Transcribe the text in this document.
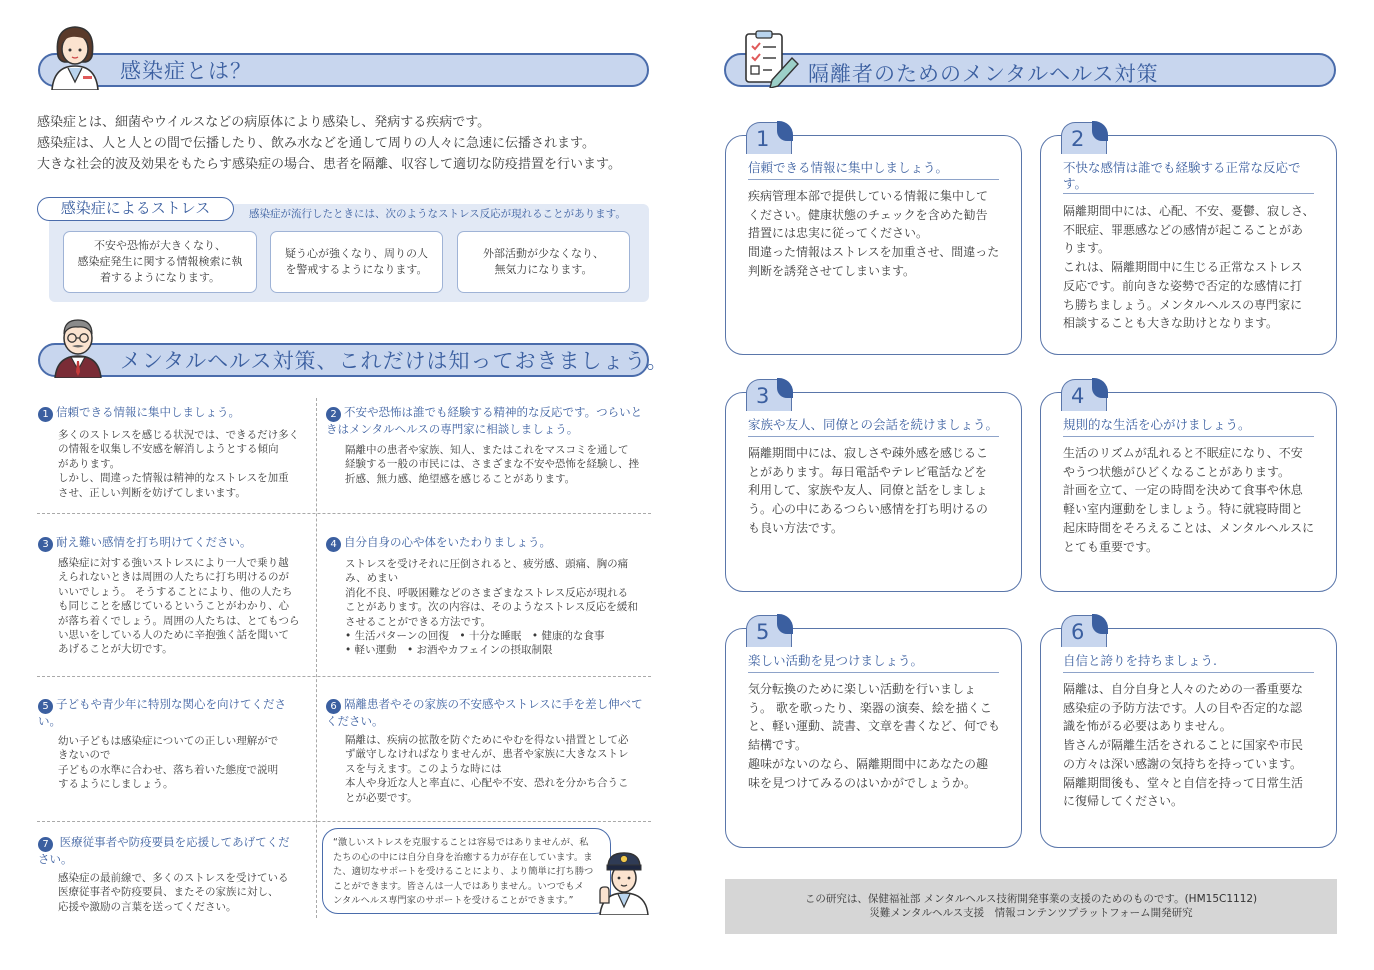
感染症とは？
感染症とは、細菌やウイルスなどの病原体により感染し、発病する疾病です。
感染症は、人と人との間で伝播したり、飲み水などを通して周りの人々に急速に伝播されます。
大きな社会的波及効果をもたらす感染症の場合、患者を隔離、収容して適切な防疫措置を行います。
感染症によるストレス	感染症が流行したときには、次のようなストレス反応が現れることがあります。
不安や恐怖が大きくなり、
感染症発生に関する情報検索に執
着するようになります。
疑う心が強くなり、周りの人
を警戒するようになります。
外部活動が少なくなり、
無気力になります。
メンタルヘルス対策、これだけは知っておきましょう。
1 信頼できる情報に集中しましょう。
多くのストレスを感じる状況では、できるだけ多く
の情報を収集し不安感を解消しようとする傾向
があります。
しかし、間違った情報は精神的なストレスを加重
させ、正しい判断を妨げてしまいます。
2 不安や恐怖は誰でも経験する精神的な反応です。つらいと
きはメンタルヘルスの専門家に相談しましょう。
隔離中の患者や家族、知人、またはこれをマスコミを通して
経験する一般の市民には、さまざまな不安や恐怖を経験し、挫
折感、無力感、絶望感を感じることがあります。
3 耐え難い感情を打ち明けてください。
感染症に対する強いストレスにより一人で乗り越
えられないときは周囲の人たちに打ち明けるのが
いいでしょう。 そうすることにより、他の人たち
も同じことを感じているということがわかり、心
が落ち着くでしょう。周囲の人たちは、とてもつら
い思いをしている人のために辛抱強く話を聞いて
あげることが大切です。
4 自分自身の心や体をいたわりましょう。
ストレスを受けそれに圧倒されると、疲労感、頭痛、胸の痛
み、めまい
消化不良、呼吸困難などのさまざまなストレス反応が現れる
ことがあります。次の内容は、そのようなストレス反応を緩和
させることができる方法です。
• 生活パターンの回復　• 十分な睡眠　• 健康的な食事
• 軽い運動　• お酒やカフェインの摂取制限
5 子どもや青少年に特別な関心を向けてくださ
い。
幼い子どもは感染症についての正しい理解がで
きないので
子どもの水準に合わせ、落ち着いた態度で説明
するようにしましょう。
6 隔離患者やその家族の不安感やストレスに手を差し伸べて
ください。
隔離は、疾病の拡散を防ぐためにやむを得ない措置として必
ず厳守しなければなりませんが、患者や家族に大きなストレ
スを与えます。このような時には
本人や身近な人と率直に、心配や不安、恐れを分かち合うこ
とが必要です。
7 医療従事者や防疫要員を応援してあげてくだ
さい。
感染症の最前線で、多くのストレスを受けている
医療従事者や防疫要員、またその家族に対し、
応援や激励の言葉を送ってください。
“激しいストレスを克服することは容易ではありませんが、私
たちの心の中には自分自身を治癒する力が存在しています。ま
た、適切なサポートを受けることにより、より簡単に打ち勝つ
ことができます。皆さんは一人ではありません。いつでもメ
ンタルヘルス専門家のサポートを受けることができます。”
隔離者のためのメンタルヘルス対策
1
信頼できる情報に集中しましょう。
疾病管理本部で提供している情報に集中して
ください。健康状態のチェックを含めた勧告
措置には忠実に従ってください。
間違った情報はストレスを加重させ、間違った
判断を誘発させてしまいます。
2
不快な感情は誰でも経験する正常な反応で
す。
隔離期間中には、心配、不安、憂鬱、寂しさ、
不眠症、罪悪感などの感情が起こることがあ
ります。
これは、隔離期間中に生じる正常なストレス
反応です。前向きな姿勢で否定的な感情に打
ち勝ちましょう。メンタルヘルスの専門家に
相談することも大きな助けとなります。
3
家族や友人、同僚との会話を続けましょう。
隔離期間中には、寂しさや疎外感を感じるこ
とがあります。毎日電話やテレビ電話などを
利用して、家族や友人、同僚と話をしましょ
う。心の中にあるつらい感情を打ち明けるの
も良い方法です。
4
規則的な生活を心がけましょう。
生活のリズムが乱れると不眠症になり、不安
やうつ状態がひどくなることがあります。
計画を立て、一定の時間を決めて食事や休息
軽い室内運動をしましょう。特に就寝時間と
起床時間をそろえることは、メンタルヘルスに
とても重要です。
5
楽しい活動を見つけましょう。
気分転換のために楽しい活動を行いましょ
う。 歌を歌ったり、楽器の演奏、絵を描くこ
と、軽い運動、読書、文章を書くなど、何でも
結構です。
趣味がないのなら、隔離期間中にあなたの趣
味を見つけてみるのはいかがでしょうか。
6
自信と誇りを持ちましょう.
隔離は、自分自身と人々のための一番重要な
感染症の予防方法です。人の目や否定的な認
識を怖がる必要はありません。
皆さんが隔離生活をされることに国家や市民
の方々は深い感謝の気持ちを持っています。
隔離期間後も、堂々と自信を持って日常生活
に復帰してください。
この研究は、保健福祉部 メンタルヘルス技術開発事業の支援のためのものです。(HM15C1112)
災難メンタルヘルス支援　情報コンテンツプラットフォーム開発研究
